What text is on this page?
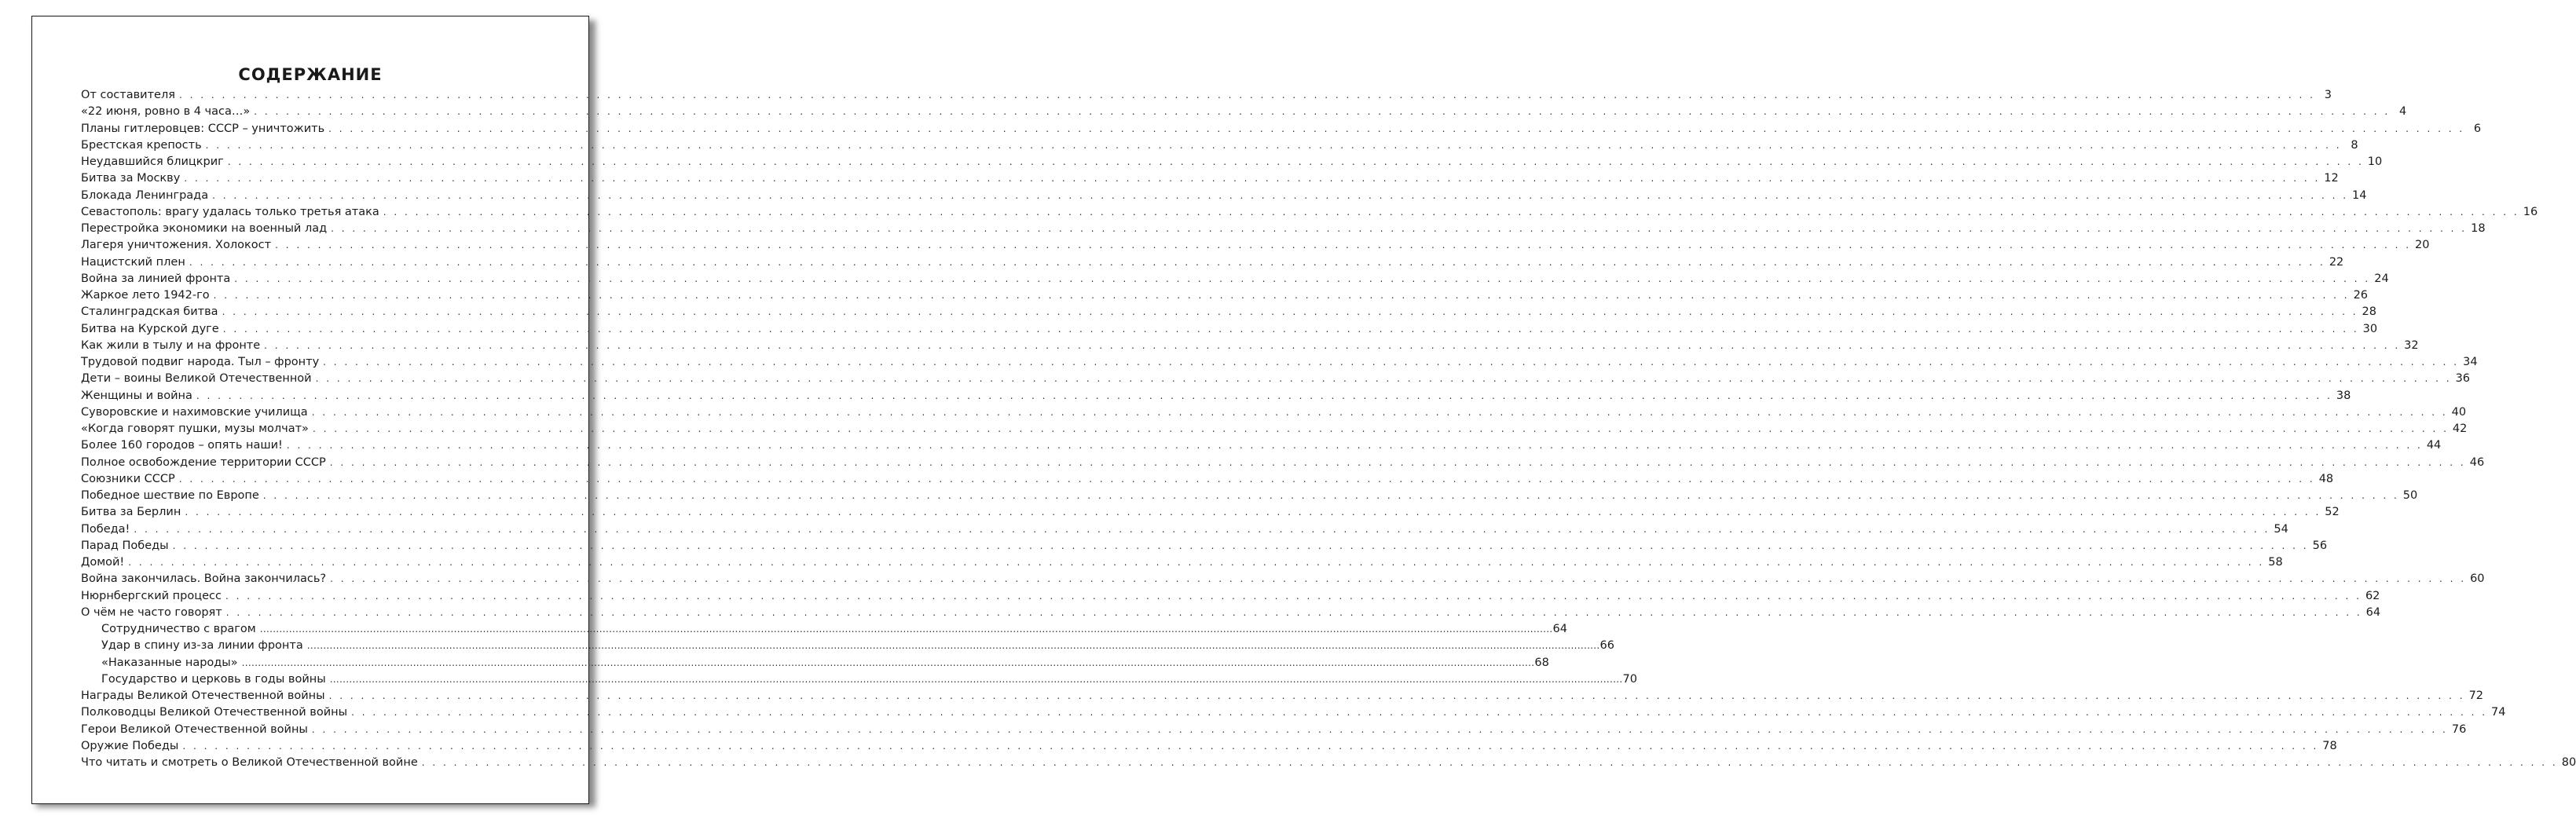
СОДЕРЖАНИЕ
От составителя . . . . . . . . . . . . . . . . . . . . . . . . . . . . . . . . . . . . . . . . . . . . . . . . . . . . . . . . . . . . . . . . . . . . . . . . . . . . . . . . . . . . . . . . . . . . . . . . . . . . . . . . . . . . . . . . . . . . . . . . . . . . . . . . . . . . . . . . . . . . . . . . . . . . . . . . . . . . . . . . . . . . . . . . . . . . . . . . . . . . . . . . . . . . . . . . . . . . . . . . 3
«22 июня, ровно в 4 часа…» . . . . . . . . . . . . . . . . . . . . . . . . . . . . . . . . . . . . . . . . . . . . . . . . . . . . . . . . . . . . . . . . . . . . . . . . . . . . . . . . . . . . . . . . . . . . . . . . . . . . . . . . . . . . . . . . . . . . . . . . . . . . . . . . . . . . . . . . . . . . . . . . . . . . . . . . . . . . . . . . . . . . . . . . . . . . . . . . . . . . . . . . . . . . . . . . . . . . . . . . 4
Планы гитлеровцев: СССР – уничтожить . . . . . . . . . . . . . . . . . . . . . . . . . . . . . . . . . . . . . . . . . . . . . . . . . . . . . . . . . . . . . . . . . . . . . . . . . . . . . . . . . . . . . . . . . . . . . . . . . . . . . . . . . . . . . . . . . . . . . . . . . . . . . . . . . . . . . . . . . . . . . . . . . . . . . . . . . . . . . . . . . . . . . . . . . . . . . . . . . . . . . . . . . . . . . . . . . . . . . . . . 6
Брестская крепость . . . . . . . . . . . . . . . . . . . . . . . . . . . . . . . . . . . . . . . . . . . . . . . . . . . . . . . . . . . . . . . . . . . . . . . . . . . . . . . . . . . . . . . . . . . . . . . . . . . . . . . . . . . . . . . . . . . . . . . . . . . . . . . . . . . . . . . . . . . . . . . . . . . . . . . . . . . . . . . . . . . . . . . . . . . . . . . . . . . . . . . . . . . . . . . . . . . . . . . . 8
Неудавшийся блицкриг . . . . . . . . . . . . . . . . . . . . . . . . . . . . . . . . . . . . . . . . . . . . . . . . . . . . . . . . . . . . . . . . . . . . . . . . . . . . . . . . . . . . . . . . . . . . . . . . . . . . . . . . . . . . . . . . . . . . . . . . . . . . . . . . . . . . . . . . . . . . . . . . . . . . . . . . . . . . . . . . . . . . . . . . . . . . . . . . . . . . . . . . . . . . . . . . . . . . . . . . 10
Битва за Москву . . . . . . . . . . . . . . . . . . . . . . . . . . . . . . . . . . . . . . . . . . . . . . . . . . . . . . . . . . . . . . . . . . . . . . . . . . . . . . . . . . . . . . . . . . . . . . . . . . . . . . . . . . . . . . . . . . . . . . . . . . . . . . . . . . . . . . . . . . . . . . . . . . . . . . . . . . . . . . . . . . . . . . . . . . . . . . . . . . . . . . . . . . . . . . . . . . . . . . . . 12
Блокада Ленинграда . . . . . . . . . . . . . . . . . . . . . . . . . . . . . . . . . . . . . . . . . . . . . . . . . . . . . . . . . . . . . . . . . . . . . . . . . . . . . . . . . . . . . . . . . . . . . . . . . . . . . . . . . . . . . . . . . . . . . . . . . . . . . . . . . . . . . . . . . . . . . . . . . . . . . . . . . . . . . . . . . . . . . . . . . . . . . . . . . . . . . . . . . . . . . . . . . . . . . . . . 14
Севастополь: врагу удалась только третья атака . . . . . . . . . . . . . . . . . . . . . . . . . . . . . . . . . . . . . . . . . . . . . . . . . . . . . . . . . . . . . . . . . . . . . . . . . . . . . . . . . . . . . . . . . . . . . . . . . . . . . . . . . . . . . . . . . . . . . . . . . . . . . . . . . . . . . . . . . . . . . . . . . . . . . . . . . . . . . . . . . . . . . . . . . . . . . . . . . . . . . . . . . . . . . . . . . . . . . . . . 16
Перестройка экономики на военный лад . . . . . . . . . . . . . . . . . . . . . . . . . . . . . . . . . . . . . . . . . . . . . . . . . . . . . . . . . . . . . . . . . . . . . . . . . . . . . . . . . . . . . . . . . . . . . . . . . . . . . . . . . . . . . . . . . . . . . . . . . . . . . . . . . . . . . . . . . . . . . . . . . . . . . . . . . . . . . . . . . . . . . . . . . . . . . . . . . . . . . . . . . . . . . . . . . . . . . . . . 18
Лагеря уничтожения. Холокост . . . . . . . . . . . . . . . . . . . . . . . . . . . . . . . . . . . . . . . . . . . . . . . . . . . . . . . . . . . . . . . . . . . . . . . . . . . . . . . . . . . . . . . . . . . . . . . . . . . . . . . . . . . . . . . . . . . . . . . . . . . . . . . . . . . . . . . . . . . . . . . . . . . . . . . . . . . . . . . . . . . . . . . . . . . . . . . . . . . . . . . . . . . . . . . . . . . . . . . . 20
Нацистский плен . . . . . . . . . . . . . . . . . . . . . . . . . . . . . . . . . . . . . . . . . . . . . . . . . . . . . . . . . . . . . . . . . . . . . . . . . . . . . . . . . . . . . . . . . . . . . . . . . . . . . . . . . . . . . . . . . . . . . . . . . . . . . . . . . . . . . . . . . . . . . . . . . . . . . . . . . . . . . . . . . . . . . . . . . . . . . . . . . . . . . . . . . . . . . . . . . . . . . . . . 22
Война за линией фронта . . . . . . . . . . . . . . . . . . . . . . . . . . . . . . . . . . . . . . . . . . . . . . . . . . . . . . . . . . . . . . . . . . . . . . . . . . . . . . . . . . . . . . . . . . . . . . . . . . . . . . . . . . . . . . . . . . . . . . . . . . . . . . . . . . . . . . . . . . . . . . . . . . . . . . . . . . . . . . . . . . . . . . . . . . . . . . . . . . . . . . . . . . . . . . . . . . . . . . . . 24
Жаркое лето 1942-го . . . . . . . . . . . . . . . . . . . . . . . . . . . . . . . . . . . . . . . . . . . . . . . . . . . . . . . . . . . . . . . . . . . . . . . . . . . . . . . . . . . . . . . . . . . . . . . . . . . . . . . . . . . . . . . . . . . . . . . . . . . . . . . . . . . . . . . . . . . . . . . . . . . . . . . . . . . . . . . . . . . . . . . . . . . . . . . . . . . . . . . . . . . . . . . . . . . . . . . . 26
Сталинградская битва . . . . . . . . . . . . . . . . . . . . . . . . . . . . . . . . . . . . . . . . . . . . . . . . . . . . . . . . . . . . . . . . . . . . . . . . . . . . . . . . . . . . . . . . . . . . . . . . . . . . . . . . . . . . . . . . . . . . . . . . . . . . . . . . . . . . . . . . . . . . . . . . . . . . . . . . . . . . . . . . . . . . . . . . . . . . . . . . . . . . . . . . . . . . . . . . . . . . . . . . 28
Битва на Курской дуге . . . . . . . . . . . . . . . . . . . . . . . . . . . . . . . . . . . . . . . . . . . . . . . . . . . . . . . . . . . . . . . . . . . . . . . . . . . . . . . . . . . . . . . . . . . . . . . . . . . . . . . . . . . . . . . . . . . . . . . . . . . . . . . . . . . . . . . . . . . . . . . . . . . . . . . . . . . . . . . . . . . . . . . . . . . . . . . . . . . . . . . . . . . . . . . . . . . . . . . . 30
Как жили в тылу и на фронте . . . . . . . . . . . . . . . . . . . . . . . . . . . . . . . . . . . . . . . . . . . . . . . . . . . . . . . . . . . . . . . . . . . . . . . . . . . . . . . . . . . . . . . . . . . . . . . . . . . . . . . . . . . . . . . . . . . . . . . . . . . . . . . . . . . . . . . . . . . . . . . . . . . . . . . . . . . . . . . . . . . . . . . . . . . . . . . . . . . . . . . . . . . . . . . . . . . . . . . . 32
Трудовой подвиг народа. Тыл – фронту . . . . . . . . . . . . . . . . . . . . . . . . . . . . . . . . . . . . . . . . . . . . . . . . . . . . . . . . . . . . . . . . . . . . . . . . . . . . . . . . . . . . . . . . . . . . . . . . . . . . . . . . . . . . . . . . . . . . . . . . . . . . . . . . . . . . . . . . . . . . . . . . . . . . . . . . . . . . . . . . . . . . . . . . . . . . . . . . . . . . . . . . . . . . . . . . . . . . . . . . 34
Дети – воины Великой Отечественной . . . . . . . . . . . . . . . . . . . . . . . . . . . . . . . . . . . . . . . . . . . . . . . . . . . . . . . . . . . . . . . . . . . . . . . . . . . . . . . . . . . . . . . . . . . . . . . . . . . . . . . . . . . . . . . . . . . . . . . . . . . . . . . . . . . . . . . . . . . . . . . . . . . . . . . . . . . . . . . . . . . . . . . . . . . . . . . . . . . . . . . . . . . . . . . . . . . . . . . . 36
Женщины и война . . . . . . . . . . . . . . . . . . . . . . . . . . . . . . . . . . . . . . . . . . . . . . . . . . . . . . . . . . . . . . . . . . . . . . . . . . . . . . . . . . . . . . . . . . . . . . . . . . . . . . . . . . . . . . . . . . . . . . . . . . . . . . . . . . . . . . . . . . . . . . . . . . . . . . . . . . . . . . . . . . . . . . . . . . . . . . . . . . . . . . . . . . . . . . . . . . . . . . . . 38
Суворовские и нахимовские училища . . . . . . . . . . . . . . . . . . . . . . . . . . . . . . . . . . . . . . . . . . . . . . . . . . . . . . . . . . . . . . . . . . . . . . . . . . . . . . . . . . . . . . . . . . . . . . . . . . . . . . . . . . . . . . . . . . . . . . . . . . . . . . . . . . . . . . . . . . . . . . . . . . . . . . . . . . . . . . . . . . . . . . . . . . . . . . . . . . . . . . . . . . . . . . . . . . . . . . . . 40
«Когда говорят пушки, музы молчат» . . . . . . . . . . . . . . . . . . . . . . . . . . . . . . . . . . . . . . . . . . . . . . . . . . . . . . . . . . . . . . . . . . . . . . . . . . . . . . . . . . . . . . . . . . . . . . . . . . . . . . . . . . . . . . . . . . . . . . . . . . . . . . . . . . . . . . . . . . . . . . . . . . . . . . . . . . . . . . . . . . . . . . . . . . . . . . . . . . . . . . . . . . . . . . . . . . . . . . . . 42
Более 160 городов – опять наши! . . . . . . . . . . . . . . . . . . . . . . . . . . . . . . . . . . . . . . . . . . . . . . . . . . . . . . . . . . . . . . . . . . . . . . . . . . . . . . . . . . . . . . . . . . . . . . . . . . . . . . . . . . . . . . . . . . . . . . . . . . . . . . . . . . . . . . . . . . . . . . . . . . . . . . . . . . . . . . . . . . . . . . . . . . . . . . . . . . . . . . . . . . . . . . . . . . . . . . . . 44
Полное освобождение территории СССР . . . . . . . . . . . . . . . . . . . . . . . . . . . . . . . . . . . . . . . . . . . . . . . . . . . . . . . . . . . . . . . . . . . . . . . . . . . . . . . . . . . . . . . . . . . . . . . . . . . . . . . . . . . . . . . . . . . . . . . . . . . . . . . . . . . . . . . . . . . . . . . . . . . . . . . . . . . . . . . . . . . . . . . . . . . . . . . . . . . . . . . . . . . . . . . . . . . . . . . . 46
Союзники СССР . . . . . . . . . . . . . . . . . . . . . . . . . . . . . . . . . . . . . . . . . . . . . . . . . . . . . . . . . . . . . . . . . . . . . . . . . . . . . . . . . . . . . . . . . . . . . . . . . . . . . . . . . . . . . . . . . . . . . . . . . . . . . . . . . . . . . . . . . . . . . . . . . . . . . . . . . . . . . . . . . . . . . . . . . . . . . . . . . . . . . . . . . . . . . . . . . . . . . . . . 48
Победное шествие по Европе . . . . . . . . . . . . . . . . . . . . . . . . . . . . . . . . . . . . . . . . . . . . . . . . . . . . . . . . . . . . . . . . . . . . . . . . . . . . . . . . . . . . . . . . . . . . . . . . . . . . . . . . . . . . . . . . . . . . . . . . . . . . . . . . . . . . . . . . . . . . . . . . . . . . . . . . . . . . . . . . . . . . . . . . . . . . . . . . . . . . . . . . . . . . . . . . . . . . . . . . 50
Битва за Берлин . . . . . . . . . . . . . . . . . . . . . . . . . . . . . . . . . . . . . . . . . . . . . . . . . . . . . . . . . . . . . . . . . . . . . . . . . . . . . . . . . . . . . . . . . . . . . . . . . . . . . . . . . . . . . . . . . . . . . . . . . . . . . . . . . . . . . . . . . . . . . . . . . . . . . . . . . . . . . . . . . . . . . . . . . . . . . . . . . . . . . . . . . . . . . . . . . . . . . . . . 52
Победа! . . . . . . . . . . . . . . . . . . . . . . . . . . . . . . . . . . . . . . . . . . . . . . . . . . . . . . . . . . . . . . . . . . . . . . . . . . . . . . . . . . . . . . . . . . . . . . . . . . . . . . . . . . . . . . . . . . . . . . . . . . . . . . . . . . . . . . . . . . . . . . . . . . . . . . . . . . . . . . . . . . . . . . . . . . . . . . . . . . . . . . . . . . . . . . . . . . . . . . . . 54
Парад Победы . . . . . . . . . . . . . . . . . . . . . . . . . . . . . . . . . . . . . . . . . . . . . . . . . . . . . . . . . . . . . . . . . . . . . . . . . . . . . . . . . . . . . . . . . . . . . . . . . . . . . . . . . . . . . . . . . . . . . . . . . . . . . . . . . . . . . . . . . . . . . . . . . . . . . . . . . . . . . . . . . . . . . . . . . . . . . . . . . . . . . . . . . . . . . . . . . . . . . . . . 56
Домой! . . . . . . . . . . . . . . . . . . . . . . . . . . . . . . . . . . . . . . . . . . . . . . . . . . . . . . . . . . . . . . . . . . . . . . . . . . . . . . . . . . . . . . . . . . . . . . . . . . . . . . . . . . . . . . . . . . . . . . . . . . . . . . . . . . . . . . . . . . . . . . . . . . . . . . . . . . . . . . . . . . . . . . . . . . . . . . . . . . . . . . . . . . . . . . . . . . . . . . . . 58
Война закончилась. Война закончилась? . . . . . . . . . . . . . . . . . . . . . . . . . . . . . . . . . . . . . . . . . . . . . . . . . . . . . . . . . . . . . . . . . . . . . . . . . . . . . . . . . . . . . . . . . . . . . . . . . . . . . . . . . . . . . . . . . . . . . . . . . . . . . . . . . . . . . . . . . . . . . . . . . . . . . . . . . . . . . . . . . . . . . . . . . . . . . . . . . . . . . . . . . . . . . . . . . . . . . . . . 60
Нюрнбергский процесс . . . . . . . . . . . . . . . . . . . . . . . . . . . . . . . . . . . . . . . . . . . . . . . . . . . . . . . . . . . . . . . . . . . . . . . . . . . . . . . . . . . . . . . . . . . . . . . . . . . . . . . . . . . . . . . . . . . . . . . . . . . . . . . . . . . . . . . . . . . . . . . . . . . . . . . . . . . . . . . . . . . . . . . . . . . . . . . . . . . . . . . . . . . . . . . . . . . . . . . . 62
О чём не часто говорят . . . . . . . . . . . . . . . . . . . . . . . . . . . . . . . . . . . . . . . . . . . . . . . . . . . . . . . . . . . . . . . . . . . . . . . . . . . . . . . . . . . . . . . . . . . . . . . . . . . . . . . . . . . . . . . . . . . . . . . . . . . . . . . . . . . . . . . . . . . . . . . . . . . . . . . . . . . . . . . . . . . . . . . . . . . . . . . . . . . . . . . . . . . . . . . . . . . . . . . . 64
Сотрудничество с врагом ................................................................................................................................................................................................................................................................................................................................................................................................................ 64
Удар в спину из-за линии фронта ................................................................................................................................................................................................................................................................................................................................................................................................................ 66
«Наказанные народы» ................................................................................................................................................................................................................................................................................................................................................................................................................ 68
Государство и церковь в годы войны ................................................................................................................................................................................................................................................................................................................................................................................................................ 70
Награды Великой Отечественной войны . . . . . . . . . . . . . . . . . . . . . . . . . . . . . . . . . . . . . . . . . . . . . . . . . . . . . . . . . . . . . . . . . . . . . . . . . . . . . . . . . . . . . . . . . . . . . . . . . . . . . . . . . . . . . . . . . . . . . . . . . . . . . . . . . . . . . . . . . . . . . . . . . . . . . . . . . . . . . . . . . . . . . . . . . . . . . . . . . . . . . . . . . . . . . . . . . . . . . . . . 72
Полководцы Великой Отечественной войны . . . . . . . . . . . . . . . . . . . . . . . . . . . . . . . . . . . . . . . . . . . . . . . . . . . . . . . . . . . . . . . . . . . . . . . . . . . . . . . . . . . . . . . . . . . . . . . . . . . . . . . . . . . . . . . . . . . . . . . . . . . . . . . . . . . . . . . . . . . . . . . . . . . . . . . . . . . . . . . . . . . . . . . . . . . . . . . . . . . . . . . . . . . . . . . . . . . . . . . . 74
Герои Великой Отечественной войны . . . . . . . . . . . . . . . . . . . . . . . . . . . . . . . . . . . . . . . . . . . . . . . . . . . . . . . . . . . . . . . . . . . . . . . . . . . . . . . . . . . . . . . . . . . . . . . . . . . . . . . . . . . . . . . . . . . . . . . . . . . . . . . . . . . . . . . . . . . . . . . . . . . . . . . . . . . . . . . . . . . . . . . . . . . . . . . . . . . . . . . . . . . . . . . . . . . . . . . . 76
Оружие Победы . . . . . . . . . . . . . . . . . . . . . . . . . . . . . . . . . . . . . . . . . . . . . . . . . . . . . . . . . . . . . . . . . . . . . . . . . . . . . . . . . . . . . . . . . . . . . . . . . . . . . . . . . . . . . . . . . . . . . . . . . . . . . . . . . . . . . . . . . . . . . . . . . . . . . . . . . . . . . . . . . . . . . . . . . . . . . . . . . . . . . . . . . . . . . . . . . . . . . . . . 78
Что читать и смотреть о Великой Отечественной войне . . . . . . . . . . . . . . . . . . . . . . . . . . . . . . . . . . . . . . . . . . . . . . . . . . . . . . . . . . . . . . . . . . . . . . . . . . . . . . . . . . . . . . . . . . . . . . . . . . . . . . . . . . . . . . . . . . . . . . . . . . . . . . . . . . . . . . . . . . . . . . . . . . . . . . . . . . . . . . . . . . . . . . . . . . . . . . . . . . . . . . . . . . . . . . . . . . . . . . . . 80
